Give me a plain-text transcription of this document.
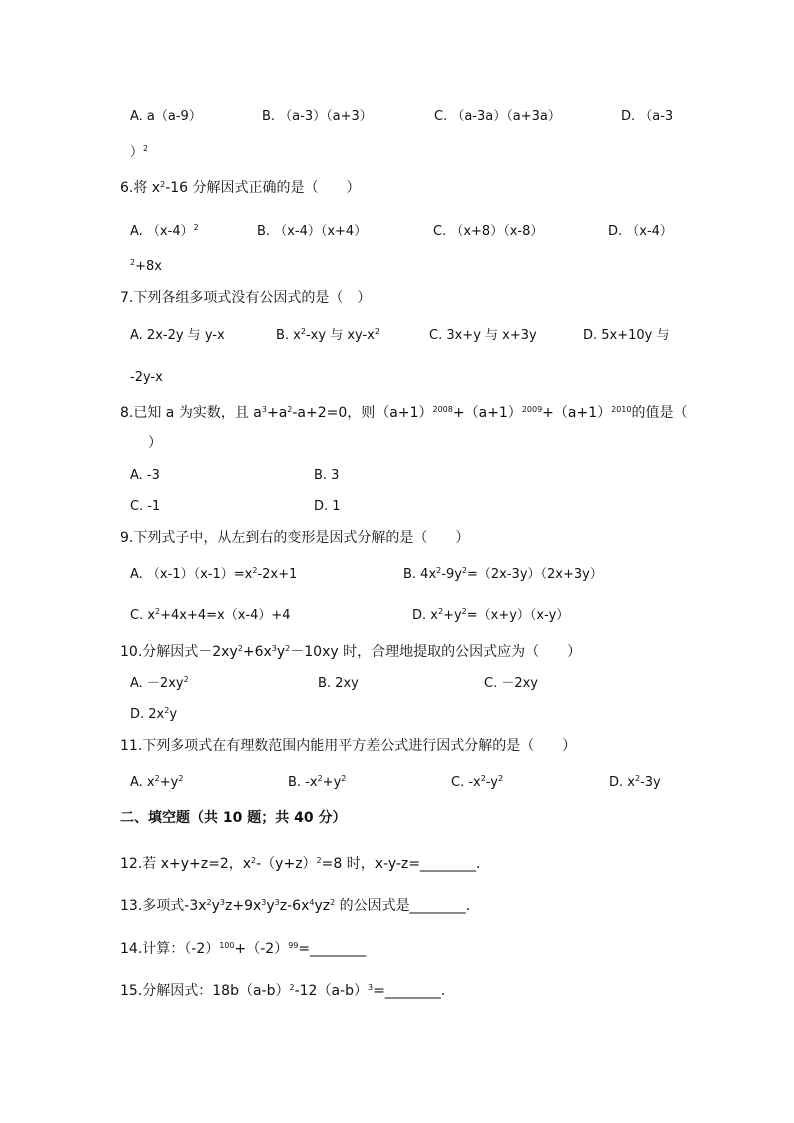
A. a（a-9）	B. （a-3）（a+3）	C. （a-3a）（a+3a）	D. （a-3
）$^2$
6.将 $x^2-16$ 分解因式正确的是（　　）
A. $(x-4)^2$	B. （x-4）（x+4）	C. （x+8）（x-8）	D. （x-4）
$^2$+8x
7.下列各组多项式没有公因式的是（　）
A. 2x-2y 与 y-x	B. $x^2-xy$ 与 $xy-x^2$	C. 3x+y 与 x+3y	D. 5x+10y 与
-2y-x
8.已知 a 为实数，且 $a^3+a^2-a+2=0$，则$(a+1)^{2008}+(a+1)^{2009}+(a+1)^{2010}$的值是（
　　）
A. -3	B. 3
C. -1	D. 1
9.下列式子中，从左到右的变形是因式分解的是（　　）
A. $(x-1)(x-1)=x^2-2x+1$	B. $4x^2-9y^2=(2x-3y)(2x+3y)$
C. $x^2+4x+4=x(x-4)+4$	D. $x^2+y^2=(x+y)(x-y)$
10.分解因式$-2xy^2+6x^3y^2-10xy$ 时，合理地提取的公因式应为（　　）
A. $-2xy^2$	B. 2xy	C. －2xy
D. $2x^2y$
11.下列多项式在有理数范围内能用平方差公式进行因式分解的是（　　）
A. $x^2+y^2$	B. $-x^2+y^2$	C. $-x^2-y^2$	D. $x^2-3y$
二、填空题（共 10 题；共 40 分）
12.若 x+y+z=2，$x^2-(y+z)^2=8$ 时，x-y-z=________.
13.多项式$-3x^2y^3z+9x^3y^3z-6x^4yz^2$ 的公因式是________.
14.计算：$(-2)^{100}+(-2)^{99}=\_\_\_\_\_\_\_\_$
15.分解因式：$18b(a-b)^2-12(a-b)^3=\_\_\_\_\_\_\_\_$.
